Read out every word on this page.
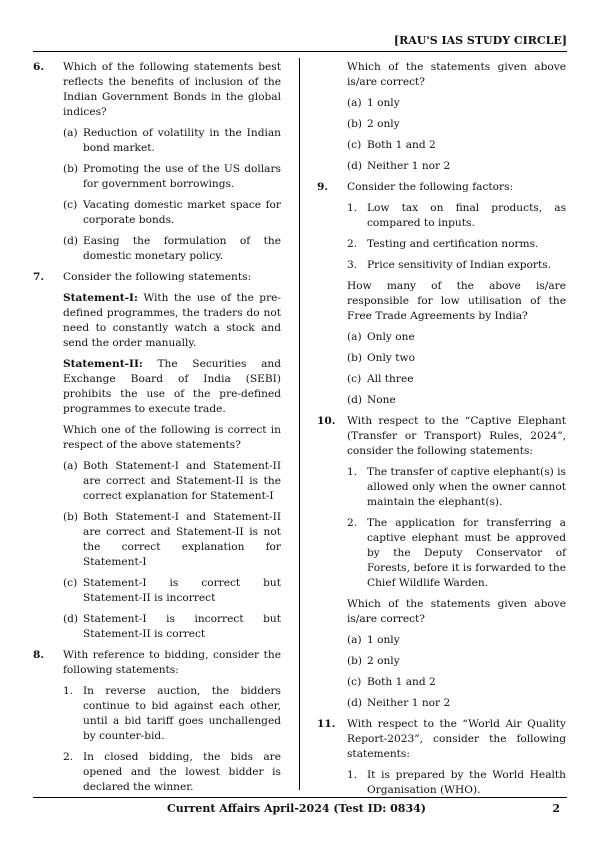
[RAU'S IAS STUDY CIRCLE]
6. Which of the following statements best reflects the benefits of inclusion of the Indian Government Bonds in the global indices?

(a) Reduction of volatility in the Indian bond market.
(b) Promoting the use of the US dollars for government borrowings.
(c) Vacating domestic market space for corporate bonds.
(d) Easing the formulation of the domestic monetary policy.
7. Consider the following statements:

Statement-I: With the use of the pre-defined programmes, the traders do not need to constantly watch a stock and send the order manually.
Statement-II: The Securities and Exchange Board of India (SEBI) prohibits the use of the pre-defined programmes to execute trade.

Which one of the following is correct in respect of the above statements?

(a) Both Statement-I and Statement-II are correct and Statement-II is the correct explanation for Statement-I
(b) Both Statement-I and Statement-II are correct and Statement-II is not the correct explanation for Statement-I
(c) Statement-I is correct but Statement-II is incorrect
(d) Statement-I is incorrect but Statement-II is correct
8. With reference to bidding, consider the following statements:

1. In reverse auction, the bidders continue to bid against each other, until a bid tariff goes unchallenged by counter-bid.
2. In closed bidding, the bids are opened and the lowest bidder is declared the winner.

Which of the statements given above is/are correct?

(a) 1 only
(b) 2 only
(c) Both 1 and 2
(d) Neither 1 nor 2
9. Consider the following factors:

1. Low tax on final products, as compared to inputs.
2. Testing and certification norms.
3. Price sensitivity of Indian exports.

How many of the above is/are responsible for low utilisation of the Free Trade Agreements by India?

(a) Only one
(b) Only two
(c) All three
(d) None
10. With respect to the “Captive Elephant (Transfer or Transport) Rules, 2024”, consider the following statements:

1. The transfer of captive elephant(s) is allowed only when the owner cannot maintain the elephant(s).
2. The application for transferring a captive elephant must be approved by the Deputy Conservator of Forests, before it is forwarded to the Chief Wildlife Warden.

Which of the statements given above is/are correct?

(a) 1 only
(b) 2 only
(c) Both 1 and 2
(d) Neither 1 nor 2
11. With respect to the “World Air Quality Report-2023”, consider the following statements:

1. It is prepared by the World Health Organisation (WHO).
Current Affairs April-2024 (Test ID: 0834)	2
